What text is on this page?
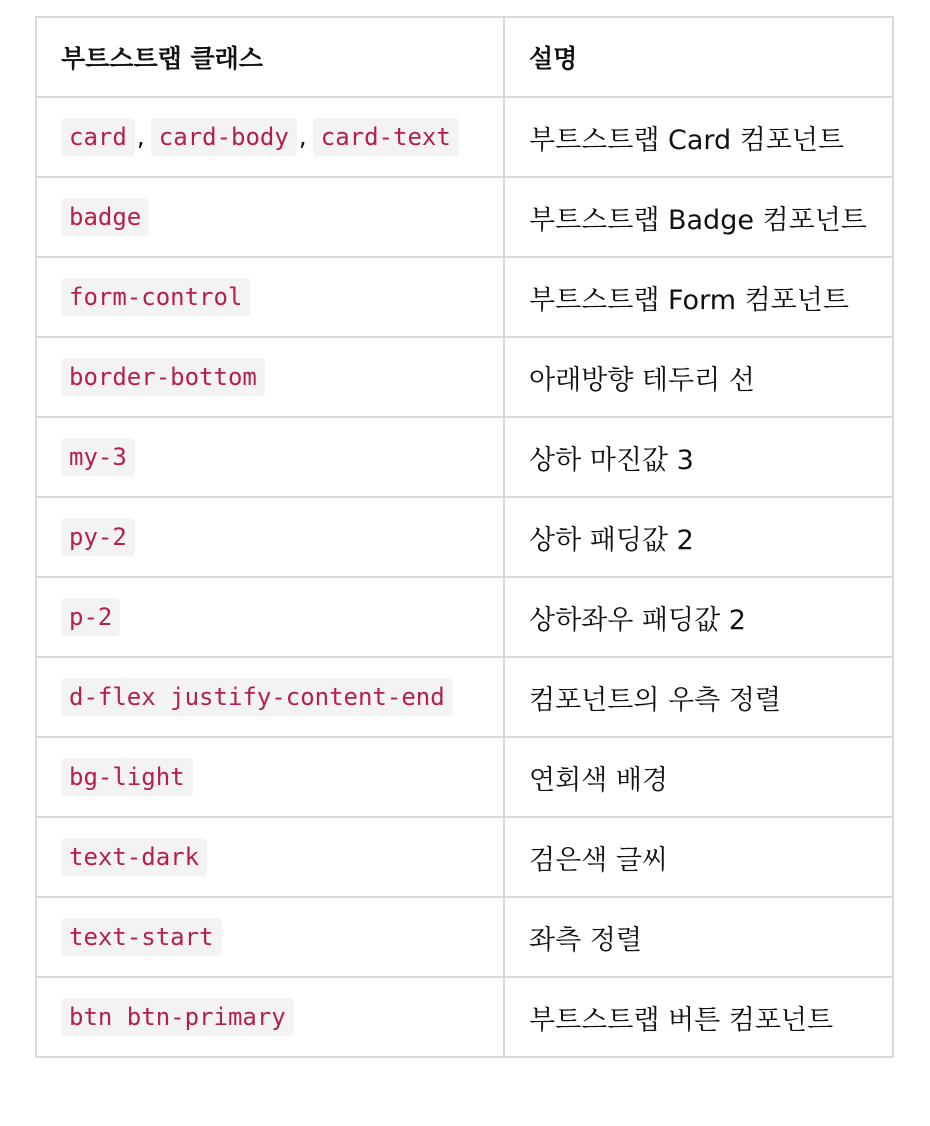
부트스트랩 클래스	설명
card , card-body , card-text	부트스트랩 Card 컴포넌트
badge	부트스트랩 Badge 컴포넌트
form-control	부트스트랩 Form 컴포넌트
border-bottom	아래방향 테두리 선
my-3	상하 마진값 3
py-2	상하 패딩값 2
p-2	상하좌우 패딩값 2
d-flex justify-content-end	컴포넌트의 우측 정렬
bg-light	연회색 배경
text-dark	검은색 글씨
text-start	좌측 정렬
btn btn-primary	부트스트랩 버튼 컴포넌트
